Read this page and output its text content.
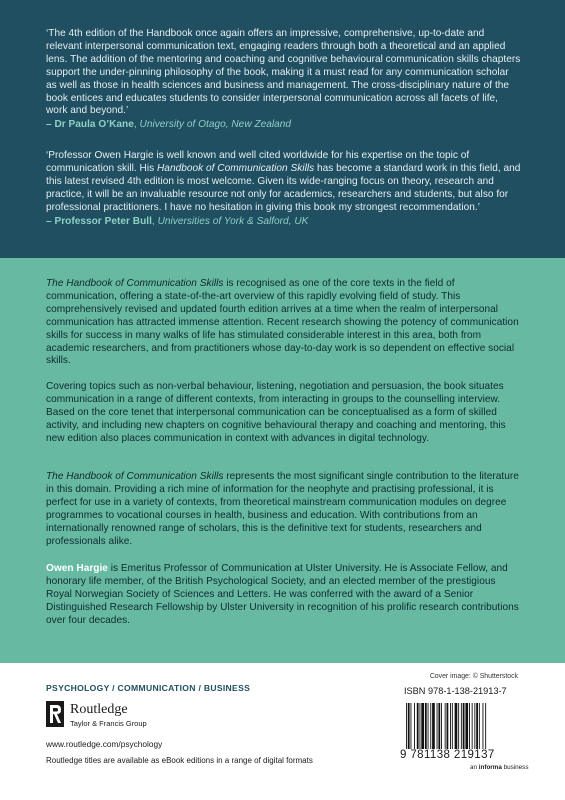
‘The 4th edition of the Handbook once again offers an impressive, comprehensive, up-to-date and relevant interpersonal communication text, engaging readers through both a theoretical and an applied lens. The addition of the mentoring and coaching and cognitive behavioural communication skills chapters support the under-pinning philosophy of the book, making it a must read for any communication scholar as well as those in health sciences and business and management. The cross-disciplinary nature of the book entices and educates students to consider interpersonal communication across all facets of life, work and beyond.’
– Dr Paula O’Kane, University of Otago, New Zealand
‘Professor Owen Hargie is well known and well cited worldwide for his expertise on the topic of communication skill. His Handbook of Communication Skills has become a standard work in this field, and this latest revised 4th edition is most welcome. Given its wide-ranging focus on theory, research and practice, it will be an invaluable resource not only for academics, researchers and students, but also for professional practitioners. I have no hesitation in giving this book my strongest recommendation.’
– Professor Peter Bull, Universities of York & Salford, UK

The Handbook of Communication Skills is recognised as one of the core texts in the field of communication, offering a state-of-the-art overview of this rapidly evolving field of study. This comprehensively revised and updated fourth edition arrives at a time when the realm of interpersonal communication has attracted immense attention. Recent research showing the potency of communication skills for success in many walks of life has stimulated considerable interest in this area, both from academic researchers, and from practitioners whose day-to-day work is so dependent on effective social skills.

Covering topics such as non-verbal behaviour, listening, negotiation and persuasion, the book situates communication in a range of different contexts, from interacting in groups to the counselling interview. Based on the core tenet that interpersonal communication can be conceptualised as a form of skilled activity, and including new chapters on cognitive behavioural therapy and coaching and mentoring, this new edition also places communication in context with advances in digital technology.

The Handbook of Communication Skills represents the most significant single contribution to the literature in this domain. Providing a rich mine of information for the neophyte and practising professional, it is perfect for use in a variety of contexts, from theoretical mainstream communication modules on degree programmes to vocational courses in health, business and education. With contributions from an internationally renowned range of scholars, this is the definitive text for students, researchers and professionals alike.

Owen Hargie is Emeritus Professor of Communication at Ulster University. He is Associate Fellow, and honorary life member, of the British Psychological Society, and an elected member of the prestigious Royal Norwegian Society of Sciences and Letters. He was conferred with the award of a Senior Distinguished Research Fellowship by Ulster University in recognition of his prolific research contributions over four decades.

PSYCHOLOGY / COMMUNICATION / BUSINESS
Routledge
Taylor & Francis Group
www.routledge.com/psychology
Routledge titles are available as eBook editions in a range of digital formats
Cover image: © Shutterstock
ISBN 978-1-138-21913-7
9 781138 219137
an informa business
